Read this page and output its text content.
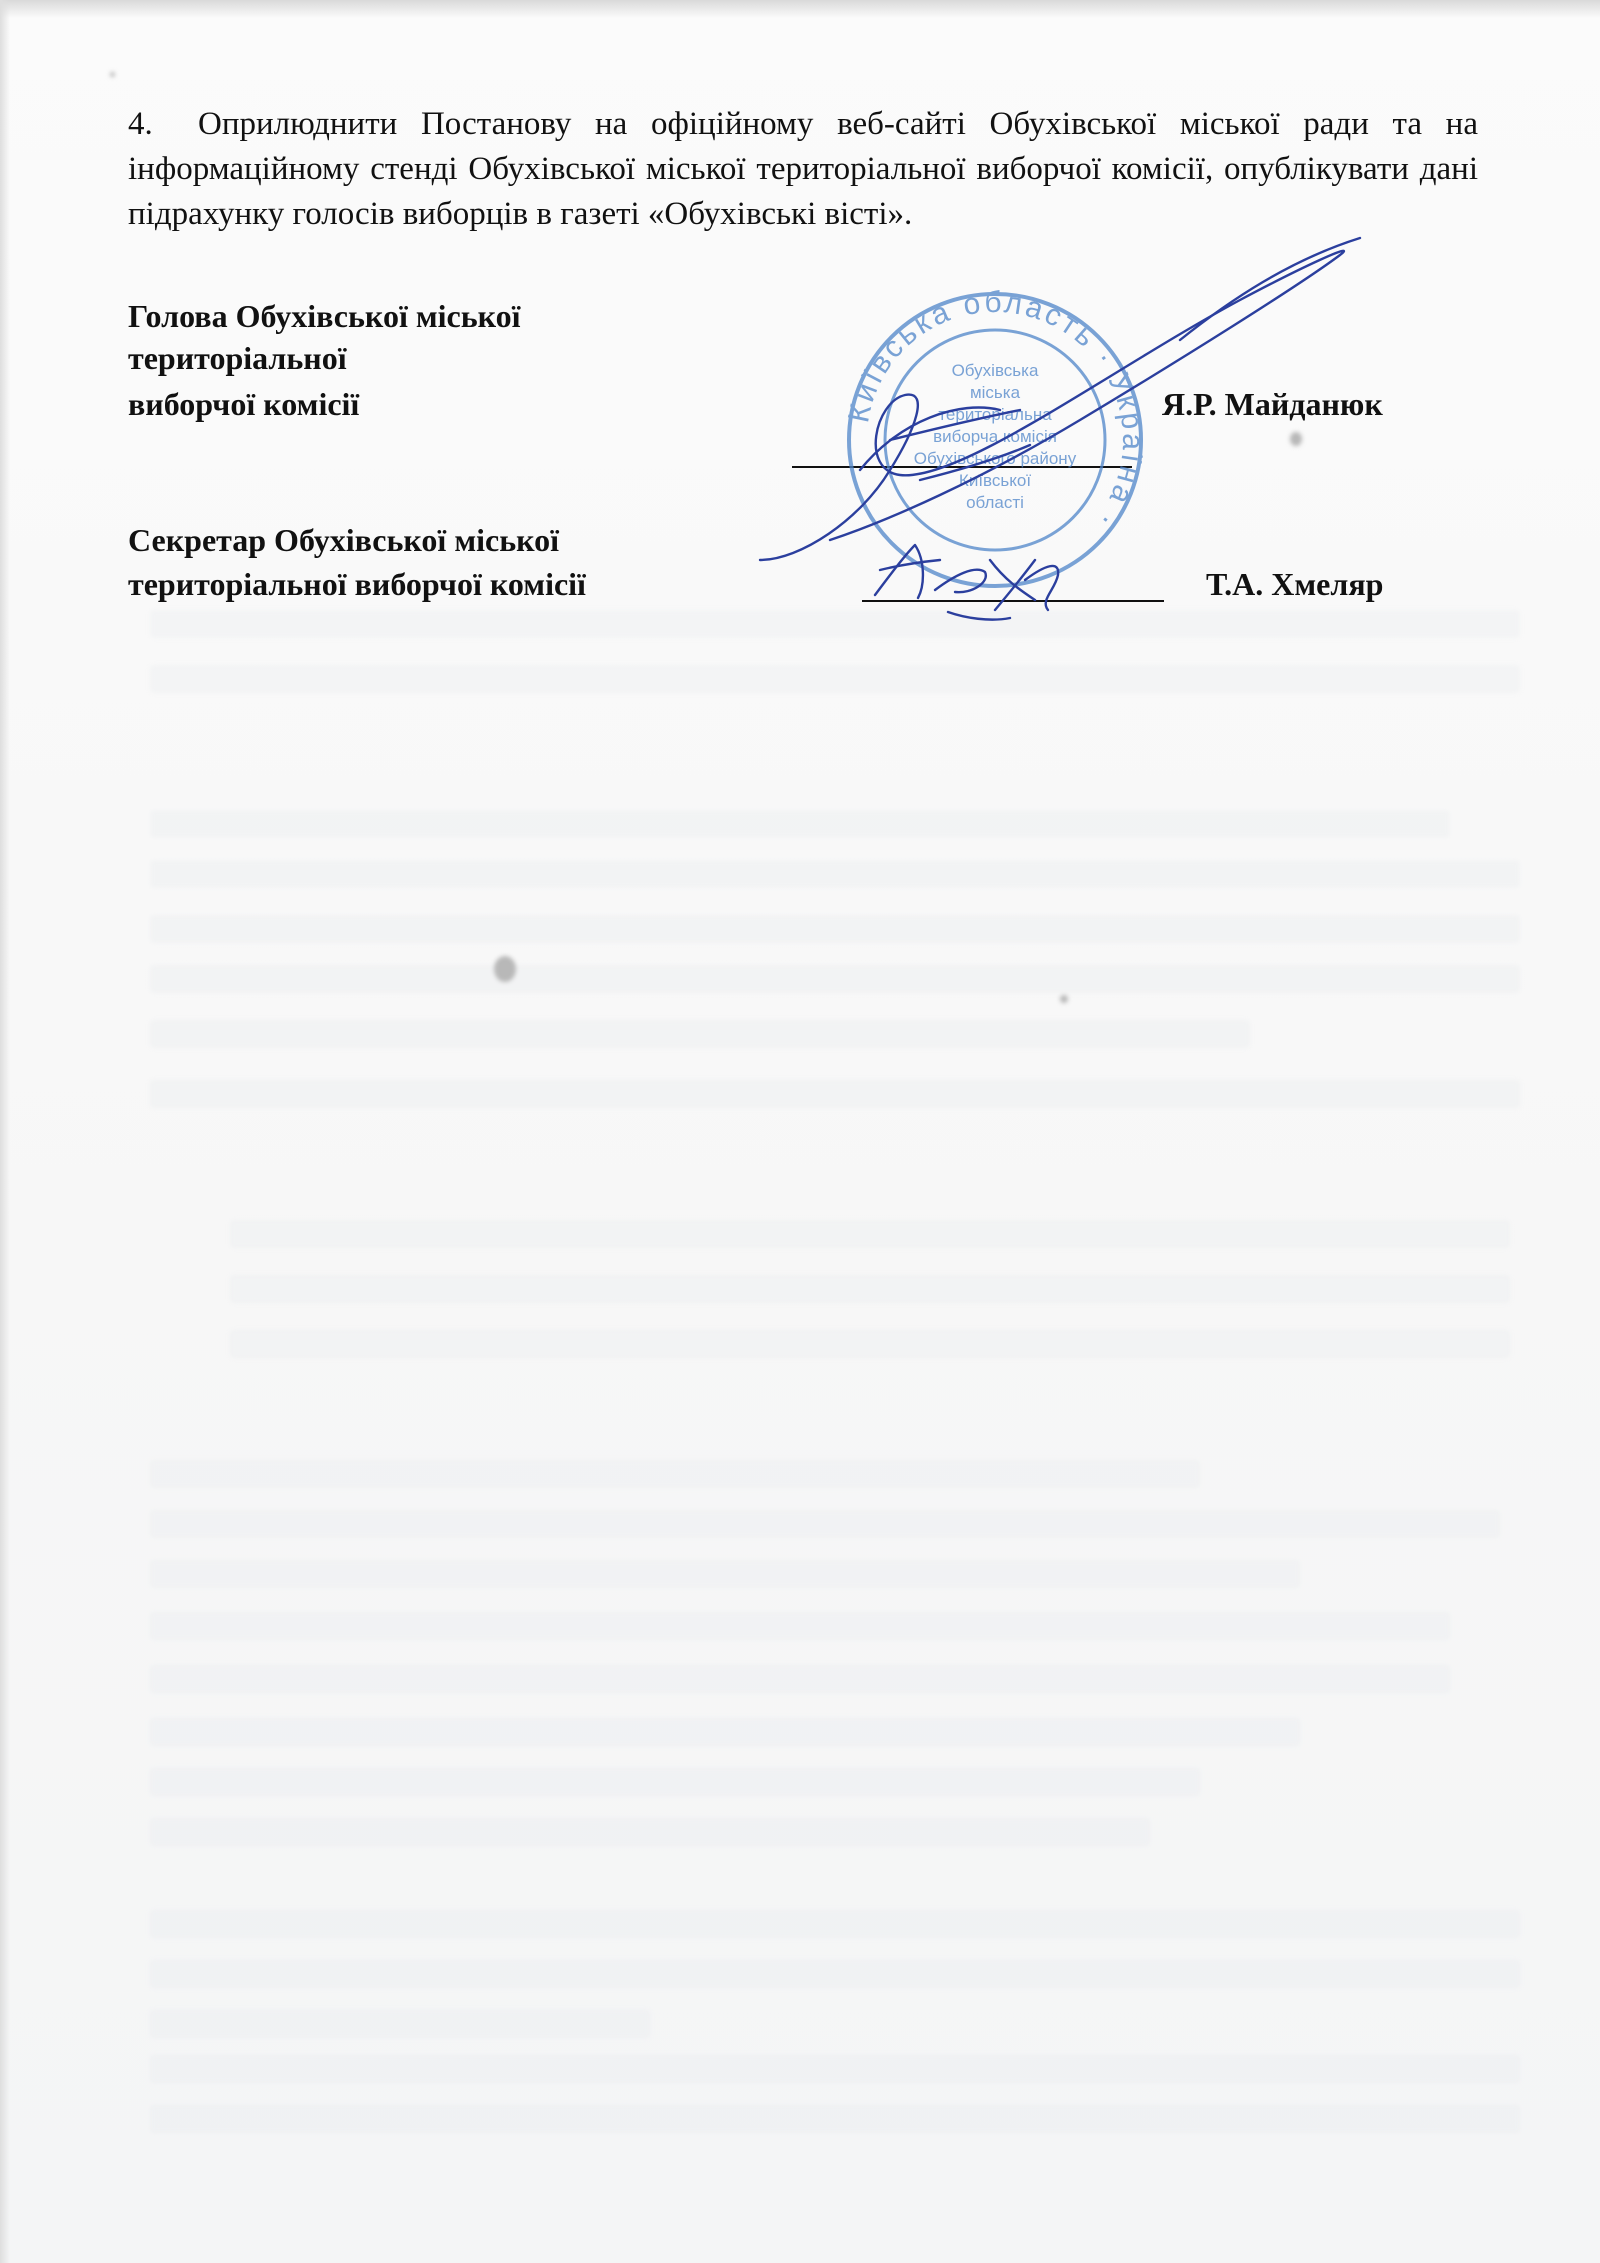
4. Оприлюднити Постанову на офіційному веб-сайті Обухівської міської ради та на інформаційному стенді Обухівської міської територіальної виборчої комісії, опублікувати дані підрахунку голосів виборців в газеті «Обухівські вісті».
Голова Обухівської міської
територіальної
виборчої комісії	Я.Р. Майданюк
Секретар Обухівської міської
територіальної виборчої комісії	Т.А. Хмеляр
Київська область · Україна ·
Обухівська
міська
територіальна
виборча комісія
Обухівського району
Київської
області
